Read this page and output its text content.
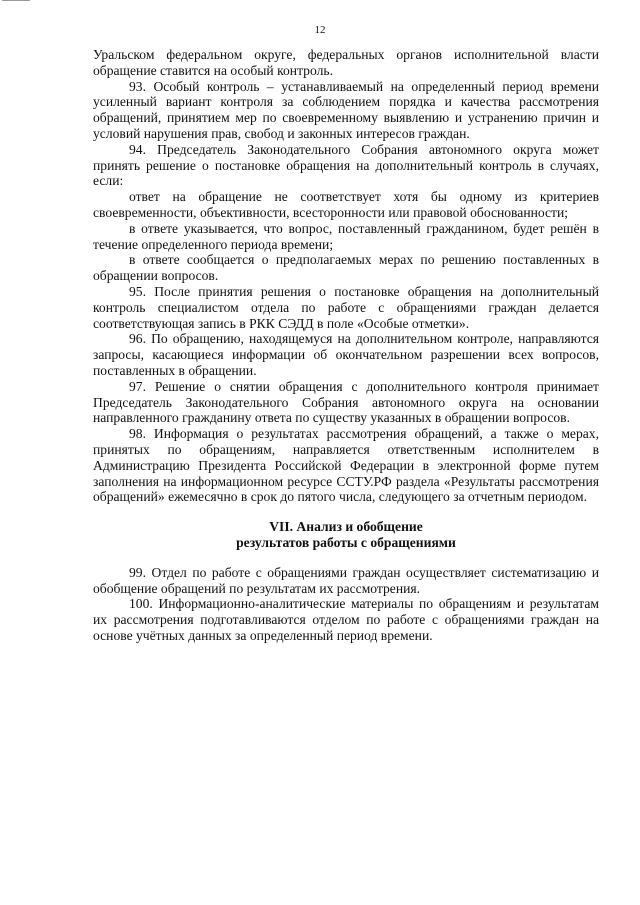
12

Уральском федеральном округе, федеральных органов исполнительной власти обращение ставится на особый контроль.

93. Особый контроль – устанавливаемый на определенный период времени усиленный вариант контроля за соблюдением порядка и качества рассмотрения обращений, принятием мер по своевременному выявлению и устранению причин и условий нарушения прав, свобод и законных интересов граждан.

94. Председатель Законодательного Собрания автономного округа может принять решение о постановке обращения на дополнительный контроль в случаях, если:

ответ на обращение не соответствует хотя бы одному из критериев своевременности, объективности, всесторонности или правовой обоснованности;

в ответе указывается, что вопрос, поставленный гражданином, будет решён в течение определенного периода времени;

в ответе сообщается о предполагаемых мерах по решению поставленных в обращении вопросов.

95. После принятия решения о постановке обращения на дополнительный контроль специалистом отдела по работе с обращениями граждан делается соответствующая запись в РКК СЭДД в поле «Особые отметки».

96. По обращению, находящемуся на дополнительном контроле, направляются запросы, касающиеся информации об окончательном разрешении всех вопросов, поставленных в обращении.

97. Решение о снятии обращения с дополнительного контроля принимает Председатель Законодательного Собрания автономного округа на основании направленного гражданину ответа по существу указанных в обращении вопросов.

98. Информация о результатах рассмотрения обращений, а также о мерах, принятых по обращениям, направляется ответственным исполнителем в Администрацию Президента Российской Федерации в электронной форме путем заполнения на информационном ресурсе ССТУ.РФ раздела «Результаты рассмотрения обращений» ежемесячно в срок до пятого числа, следующего за отчетным периодом.

VII. Анализ и обобщение

результатов работы с обращениями

99. Отдел по работе с обращениями граждан осуществляет систематизацию и обобщение обращений по результатам их рассмотрения.

100. Информационно-аналитические материалы по обращениям и результатам их рассмотрения подготавливаются отделом по работе с обращениями граждан на основе учётных данных за определенный период времени.
